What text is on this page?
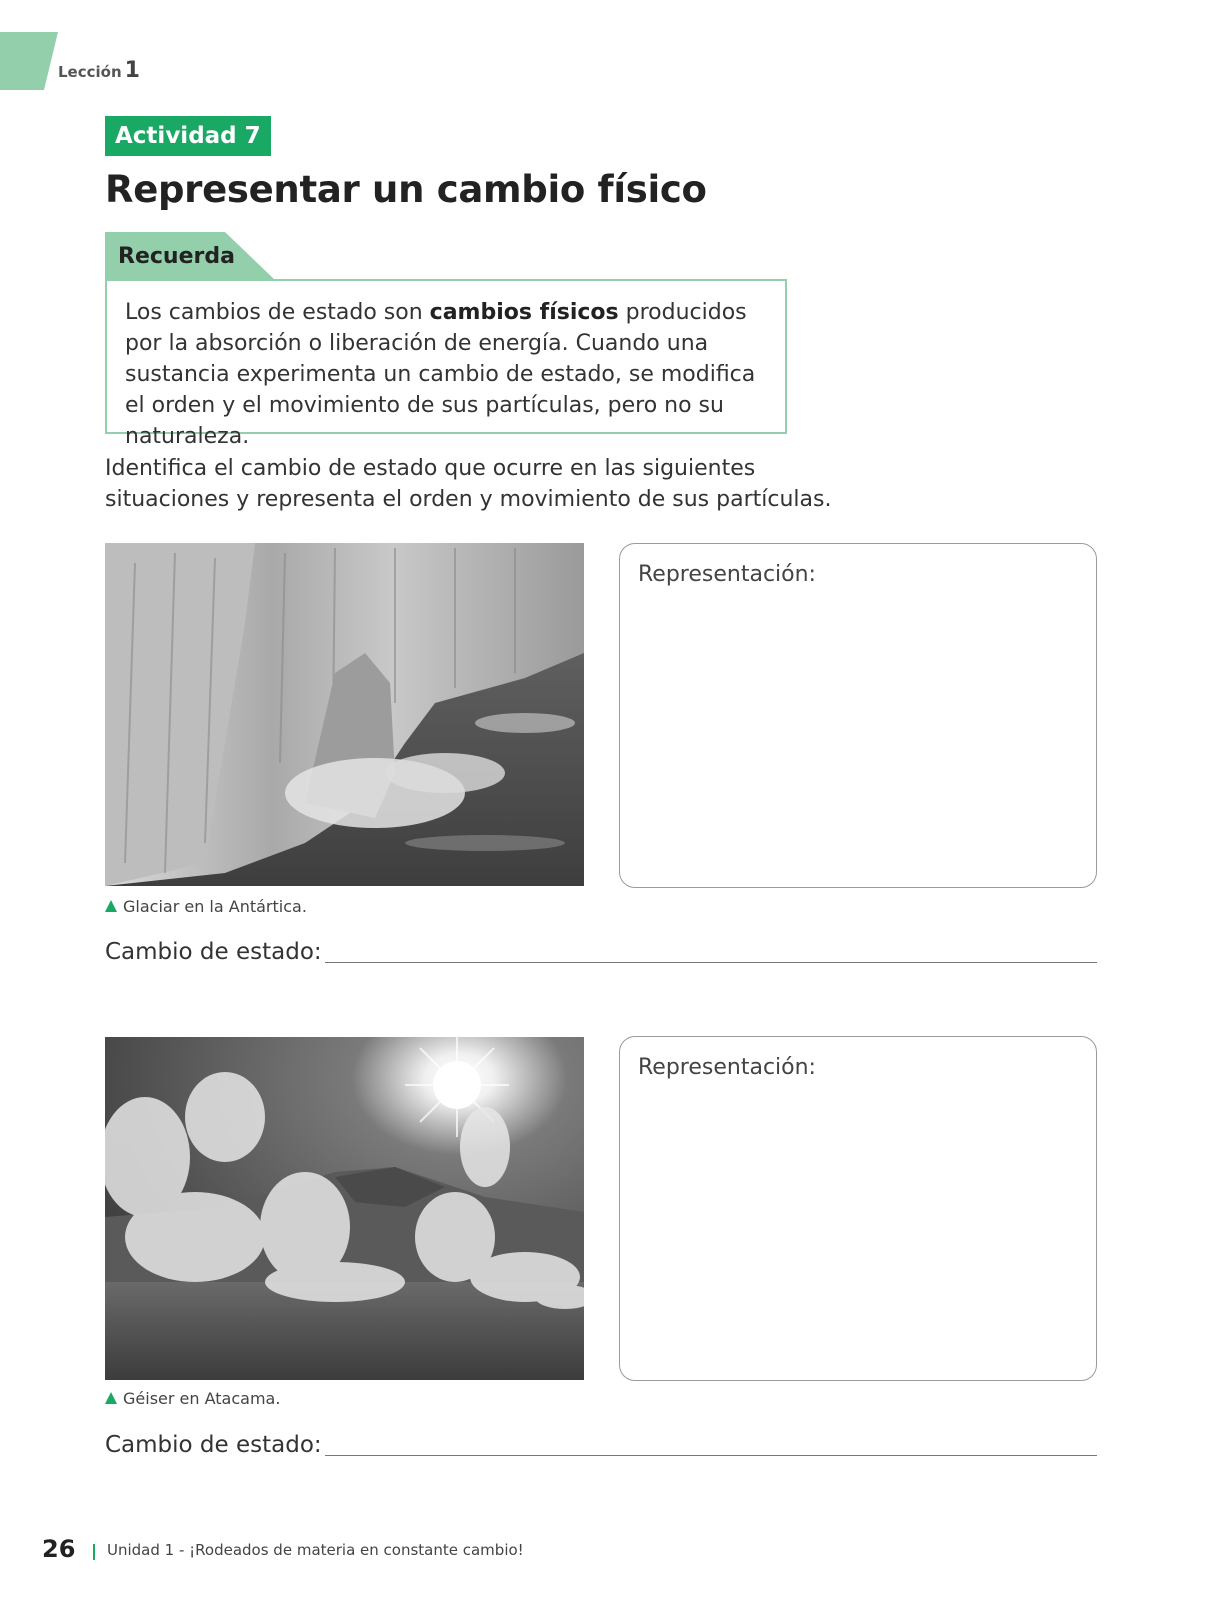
Lección 1
Actividad 7
Representar un cambio físico
Recuerda
Los cambios de estado son cambios físicos producidos por la absorción o liberación de energía. Cuando una sustancia experimenta un cambio de estado, se modifica el orden y el movimiento de sus partículas, pero no su naturaleza.
Identifica el cambio de estado que ocurre en las siguientes situaciones y representa el orden y movimiento de sus partículas.
Glaciar en la Antártica.
Representación:
Cambio de estado:
Géiser en Atacama.
Representación:
Cambio de estado:
26 Unidad 1 - ¡Rodeados de materia en constante cambio!
